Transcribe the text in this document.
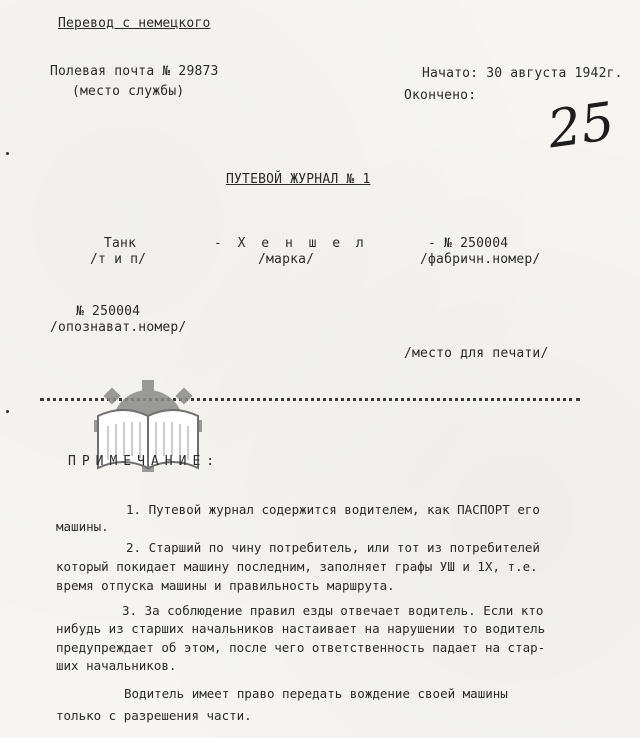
Перевод с немецкого
Полевая почта № 29873
(место службы)
Начато: 30 августа 1942г.
Окончено: 25
ПУТЕВОЙ ЖУРНАЛ № 1
Танк
/т и п/
- Х е н ш е л
/марка/
- № 250004
/фабричн.номер/
№ 250004
/опознават.номер/
/место для печати/
ПРИМЕЧАНИЕ:
1. Путевой журнал содержится водителем, как ПАСПОРТ его
машины.
2. Старший по чину потребитель, или тот из потребителей
который покидает машину последним, заполняет графы УШ и 1Х, т.е.
время отпуска машины и правильность маршрута.
3. За соблюдение правил езды отвечает водитель. Если кто
нибудь из старших начальников настаивает на нарушении то водитель
предупреждает об этом, после чего ответственность падает на стар-
ших начальников.
Водитель имеет право передать вождение своей машины
только с разрешения части.
